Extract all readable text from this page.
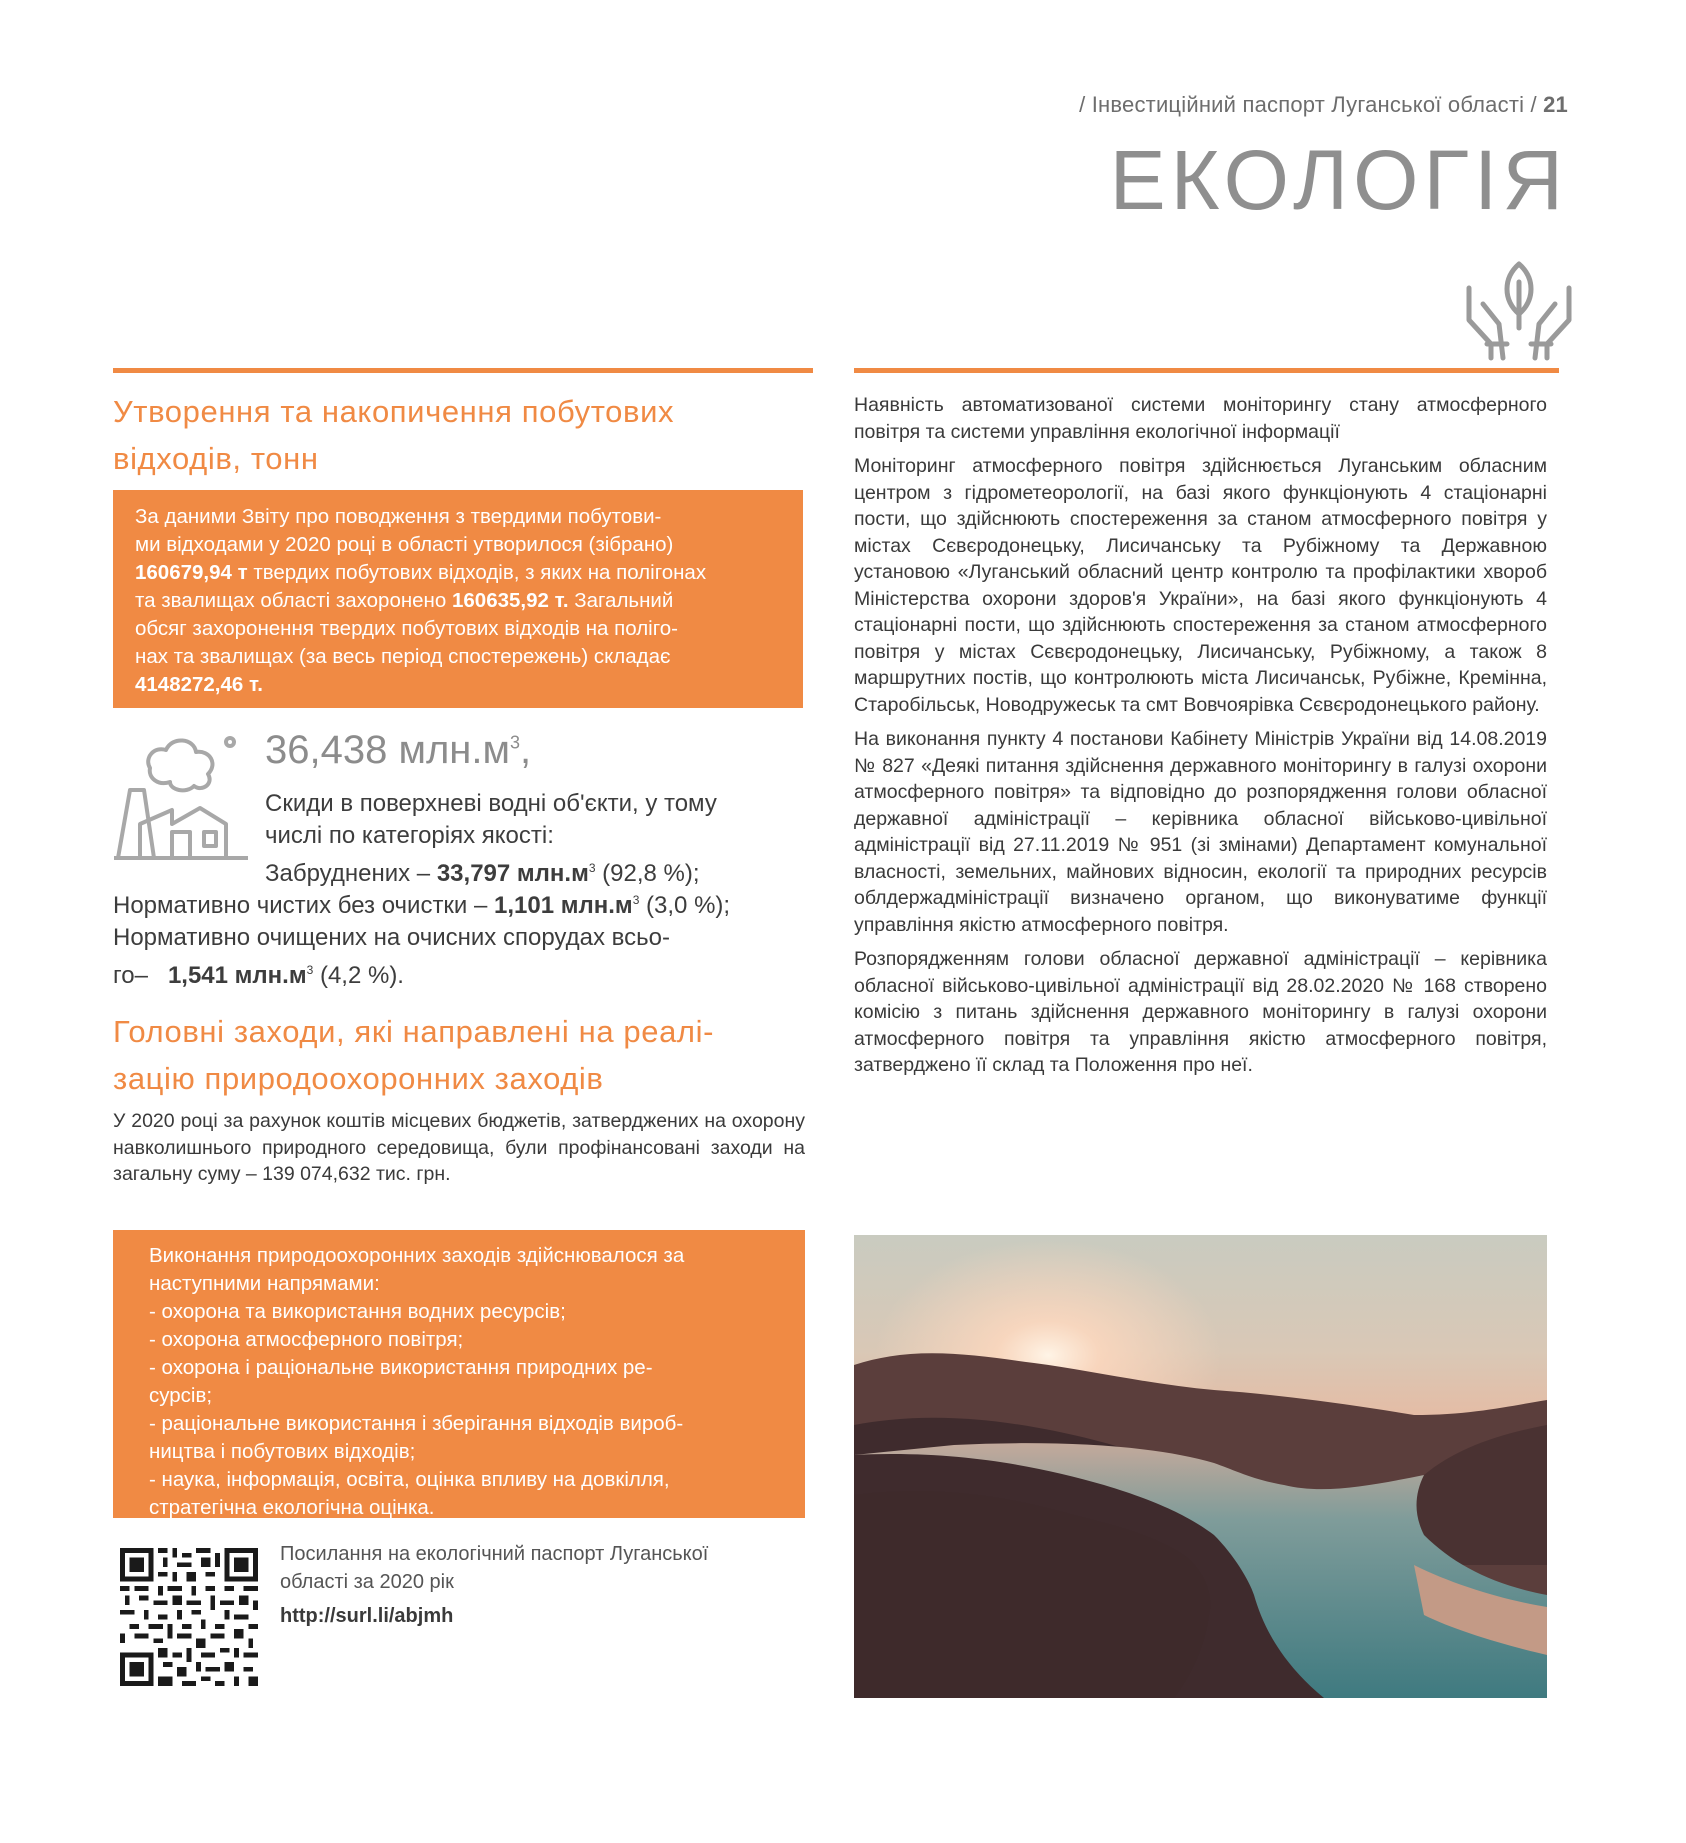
/ Інвестиційний паспорт Луганської області / 21
ЕКОЛОГІЯ
Утворення та накопичення побутових
відходів, тонн
За даними Звіту про поводження з твердими побутови-
ми відходами у 2020 році в області утворилося (зібрано)
160679,94 т твердих побутових відходів, з яких на полігонах
та звалищах області захоронено 160635,92 т. Загальний
обсяг захоронення твердих побутових відходів на поліго-
нах та звалищах (за весь період спостережень) складає
4148272,46 т.
36,438 $млн.м^3$,
Скиди в поверхневі водні об'єкти, у тому
числі по категоріях якості:
Забруднених – 33,797 $млн.м^3$ (92,8 %);
Нормативно чистих без очистки – 1,101 $млн.м^3$ (3,0 %);
Нормативно очищених на очисних спорудах всьо-
го–   1,541 $млн.м^3$ (4,2 %).
Головні заходи, які направлені на реалі-
зацію природоохоронних заходів
У 2020 році за рахунок коштів місцевих бюджетів, затверджених на охорону навколишнього природного середовища, були профінансовані заходи на загальну суму – 139 074,632 тис. грн.
Виконання природоохоронних заходів здійснювалося за
наступними напрямами:
- охорона та використання водних ресурсів;
- охорона атмосферного повітря;
- охорона і раціональне використання природних ре-
сурсів;
- раціональне використання і зберігання відходів вироб-
ництва і побутових відходів;
- наука, інформація, освіта, оцінка впливу на довкілля,
стратегічна екологічна оцінка.
Посилання на екологічний паспорт Луганської
області за 2020 рік
http://surl.li/abjmh

Наявність автоматизованої системи моніторингу стану атмосферного повітря та системи управління екологічної інформації

Моніторинг атмосферного повітря здійснюється Луганським обласним центром з гідрометеорології, на базі якого функціонують 4 стаціонарні пости, що здійснюють спостереження за станом атмосферного повітря у містах Сєвєродонецьку, Лисичанську та Рубіжному та Державною установою «Луганський обласний центр контролю та профілактики хвороб Міністерства охорони здоров'я України», на базі якого функціонують 4 стаціонарні пости, що здійснюють спостереження за станом атмосферного повітря у містах Сєвєродонецьку, Лисичанську, Рубіжному, а також 8 маршрутних постів, що контролюють міста Лисичанськ, Рубіжне, Кремінна, Старобільськ, Новодружеськ та смт Вовчоярівка Сєвєродонецького району.

На виконання пункту 4 постанови Кабінету Міністрів України від 14.08.2019 № 827 «Деякі питання здійснення державного моніторингу в галузі охорони атмосферного повітря» та відповідно до розпорядження голови обласної державної адміністрації – керівника обласної військово-цивільної адміністрації від 27.11.2019 № 951 (зі змінами) Департамент комунальної власності, земельних, майнових відносин, екології та природних ресурсів облдержадміністрації визначено органом, що виконуватиме функції управління якістю атмосферного повітря.

Розпорядженням голови обласної державної адміністрації – керівника обласної військово-цивільної адміністрації від 28.02.2020 № 168 створено комісію з питань здійснення державного моніторингу в галузі охорони атмосферного повітря та управління якістю атмосферного повітря, затверджено її склад та Положення про неї.
